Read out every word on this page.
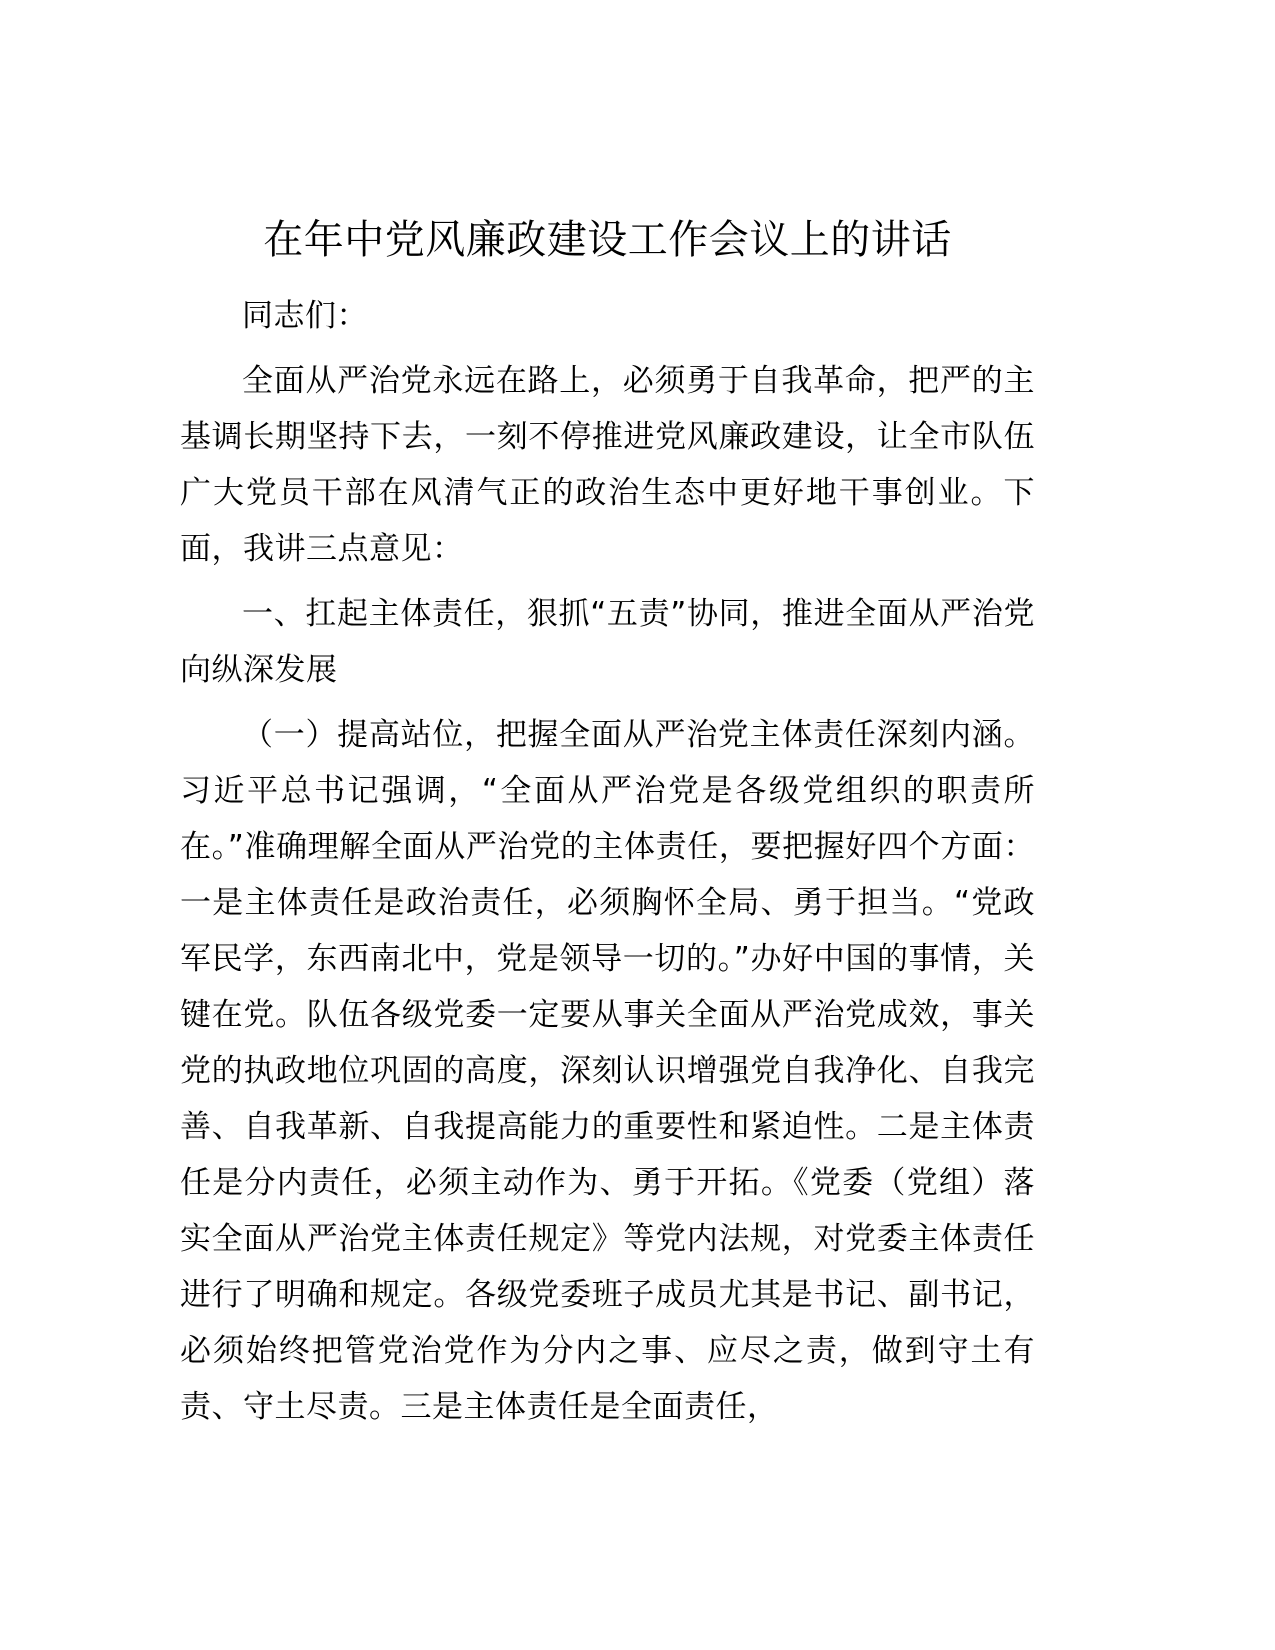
在年中党风廉政建设工作会议上的讲话

同志们：

全面从严治党永远在路上，必须勇于自我革命，把严的主基调长期坚持下去，一刻不停推进党风廉政建设，让全市队伍广大党员干部在风清气正的政治生态中更好地干事创业。下面，我讲三点意见：

一、扛起主体责任，狠抓“五责”协同，推进全面从严治党向纵深发展

（一）提高站位，把握全面从严治党主体责任深刻内涵。习近平总书记强调，“全面从严治党是各级党组织的职责所在。”准确理解全面从严治党的主体责任，要把握好四个方面：一是主体责任是政治责任，必须胸怀全局、勇于担当。“党政军民学，东西南北中，党是领导一切的。”办好中国的事情，关键在党。队伍各级党委一定要从事关全面从严治党成效，事关党的执政地位巩固的高度，深刻认识增强党自我净化、自我完善、自我革新、自我提高能力的重要性和紧迫性。二是主体责任是分内责任，必须主动作为、勇于开拓。《党委（党组）落实全面从严治党主体责任规定》等党内法规，对党委主体责任进行了明确和规定。各级党委班子成员尤其是书记、副书记，必须始终把管党治党作为分内之事、应尽之责，做到守土有责、守土尽责。三是主体责任是全面责任，
